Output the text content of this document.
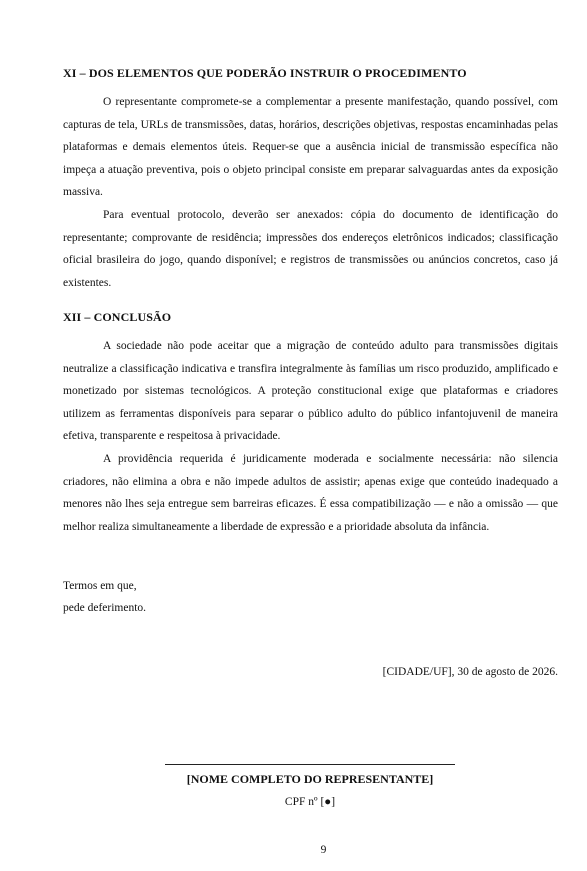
XI – DOS ELEMENTOS QUE PODERÃO INSTRUIR O PROCEDIMENTO

O representante compromete-se a complementar a presente manifestação, quando possível, com capturas de tela, URLs de transmissões, datas, horários, descrições objetivas, respostas encaminhadas pelas plataformas e demais elementos úteis. Requer-se que a ausência inicial de transmissão específica não impeça a atuação preventiva, pois o objeto principal consiste em preparar salvaguardas antes da exposição massiva.

Para eventual protocolo, deverão ser anexados: cópia do documento de identificação do representante; comprovante de residência; impressões dos endereços eletrônicos indicados; classificação oficial brasileira do jogo, quando disponível; e registros de transmissões ou anúncios concretos, caso já existentes.

XII – CONCLUSÃO

A sociedade não pode aceitar que a migração de conteúdo adulto para transmissões digitais neutralize a classificação indicativa e transfira integralmente às famílias um risco produzido, amplificado e monetizado por sistemas tecnológicos. A proteção constitucional exige que plataformas e criadores utilizem as ferramentas disponíveis para separar o público adulto do público infantojuvenil de maneira efetiva, transparente e respeitosa à privacidade.

A providência requerida é juridicamente moderada e socialmente necessária: não silencia criadores, não elimina a obra e não impede adultos de assistir; apenas exige que conteúdo inadequado a menores não lhes seja entregue sem barreiras eficazes. É essa compatibilização — e não a omissão — que melhor realiza simultaneamente a liberdade de expressão e a prioridade absoluta da infância.

Termos em que,

pede deferimento.

[CIDADE/UF], 30 de agosto de 2026.
[NOME COMPLETO DO REPRESENTANTE]
CPF nº [●]
9
